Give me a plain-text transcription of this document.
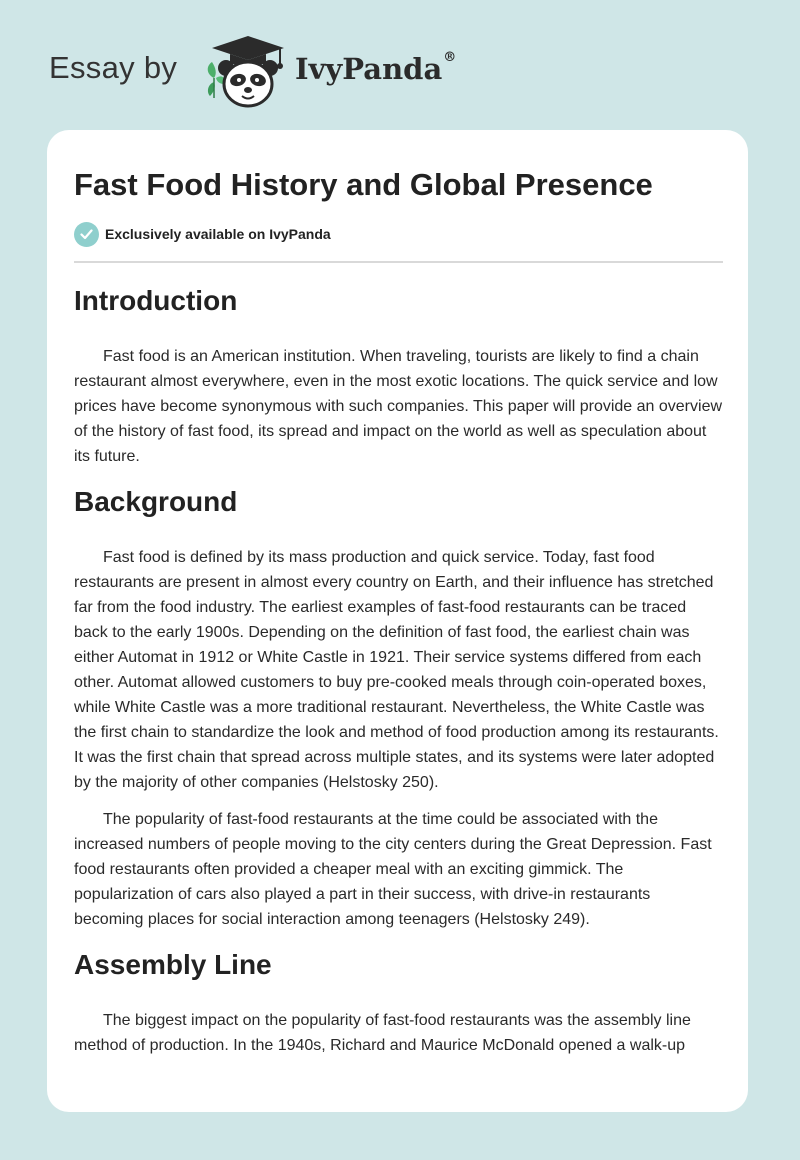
Essay by	IvyPanda®
Fast Food History and Global Presence
Exclusively available on IvyPanda
Introduction

Fast food is an American institution. When traveling, tourists are likely to find a chain restaurant almost everywhere, even in the most exotic locations. The quick service and low prices have become synonymous with such companies. This paper will provide an overview of the history of fast food, its spread and impact on the world as well as speculation about its future.

Background

Fast food is defined by its mass production and quick service. Today, fast food restaurants are present in almost every country on Earth, and their influence has stretched far from the food industry. The earliest examples of fast-food restaurants can be traced back to the early 1900s. Depending on the definition of fast food, the earliest chain was either Automat in 1912 or White Castle in 1921. Their service systems differed from each other. Automat allowed customers to buy pre-cooked meals through coin-operated boxes, while White Castle was a more traditional restaurant. Nevertheless, the White Castle was the first chain to standardize the look and method of food production among its restaurants. It was the first chain that spread across multiple states, and its systems were later adopted by the majority of other companies (Helstosky 250).

The popularity of fast-food restaurants at the time could be associated with the increased numbers of people moving to the city centers during the Great Depression. Fast food restaurants often provided a cheaper meal with an exciting gimmick. The popularization of cars also played a part in their success, with drive-in restaurants becoming places for social interaction among teenagers (Helstosky 249).

Assembly Line

The biggest impact on the popularity of fast-food restaurants was the assembly line method of production. In the 1940s, Richard and Maurice McDonald opened a walk-up
